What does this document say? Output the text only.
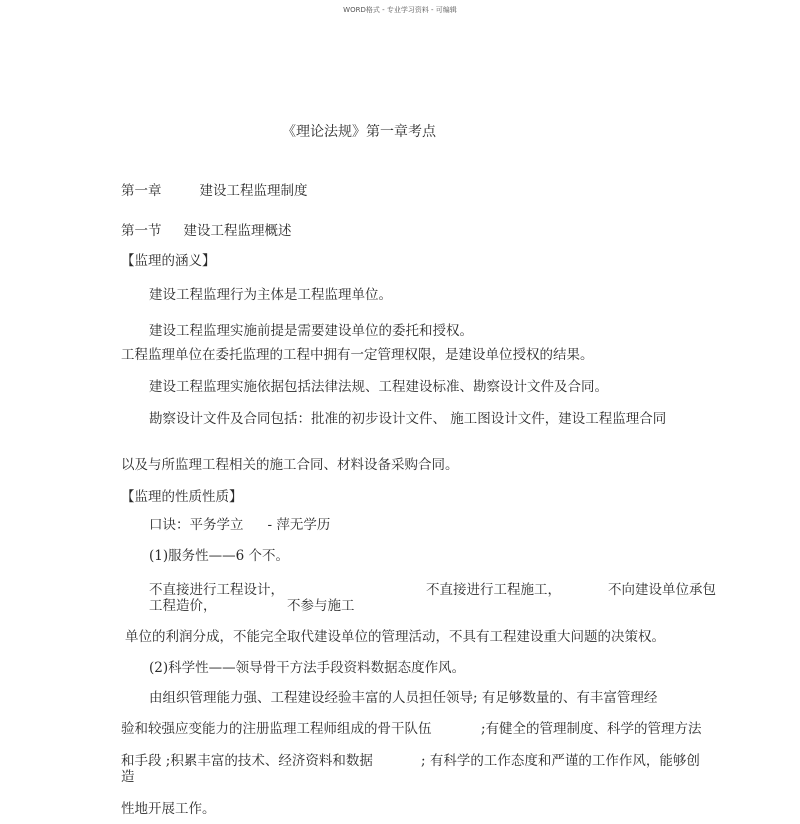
WORD格式 - 专业学习资料 - 可编辑
《理论法规》第一章考点
第一章	建设工程监理制度
第一节 建设工程监理概述
【监理的涵义】
建设工程监理行为主体是工程监理单位。
建设工程监理实施前提是需要建设单位的委托和授权。
工程监理单位在委托监理的工程中拥有一定管理权限，是建设单位授权的结果。
建设工程监理实施依据包括法律法规、工程建设标准、勘察设计文件及合同。
勘察设计文件及合同包括：批准的初步设计文件、 施工图设计文件，建设工程监理合同
以及与所监理工程相关的施工合同、材料设备采购合同。
【监理的性质性质】
口诀：平务学立 - 萍无学历
(1)服务性——6 个不。
不直接进行工程设计，	不直接进行工程施工，	不向建设单位承包
工程造价，	不参与施工
单位的利润分成，不能完全取代建设单位的管理活动，不具有工程建设重大问题的决策权。
(2)科学性——领导骨干方法手段资料数据态度作风。
由组织管理能力强、工程建设经验丰富的人员担任领导; 有足够数量的、有丰富管理经
验和较强应变能力的注册监理工程师组成的骨干队伍	;有健全的管理制度、科学的管理方法
和手段 ;积累丰富的技术、经济资料和数据	; 有科学的工作态度和严谨的工作作风，能够创
造
性地开展工作。
